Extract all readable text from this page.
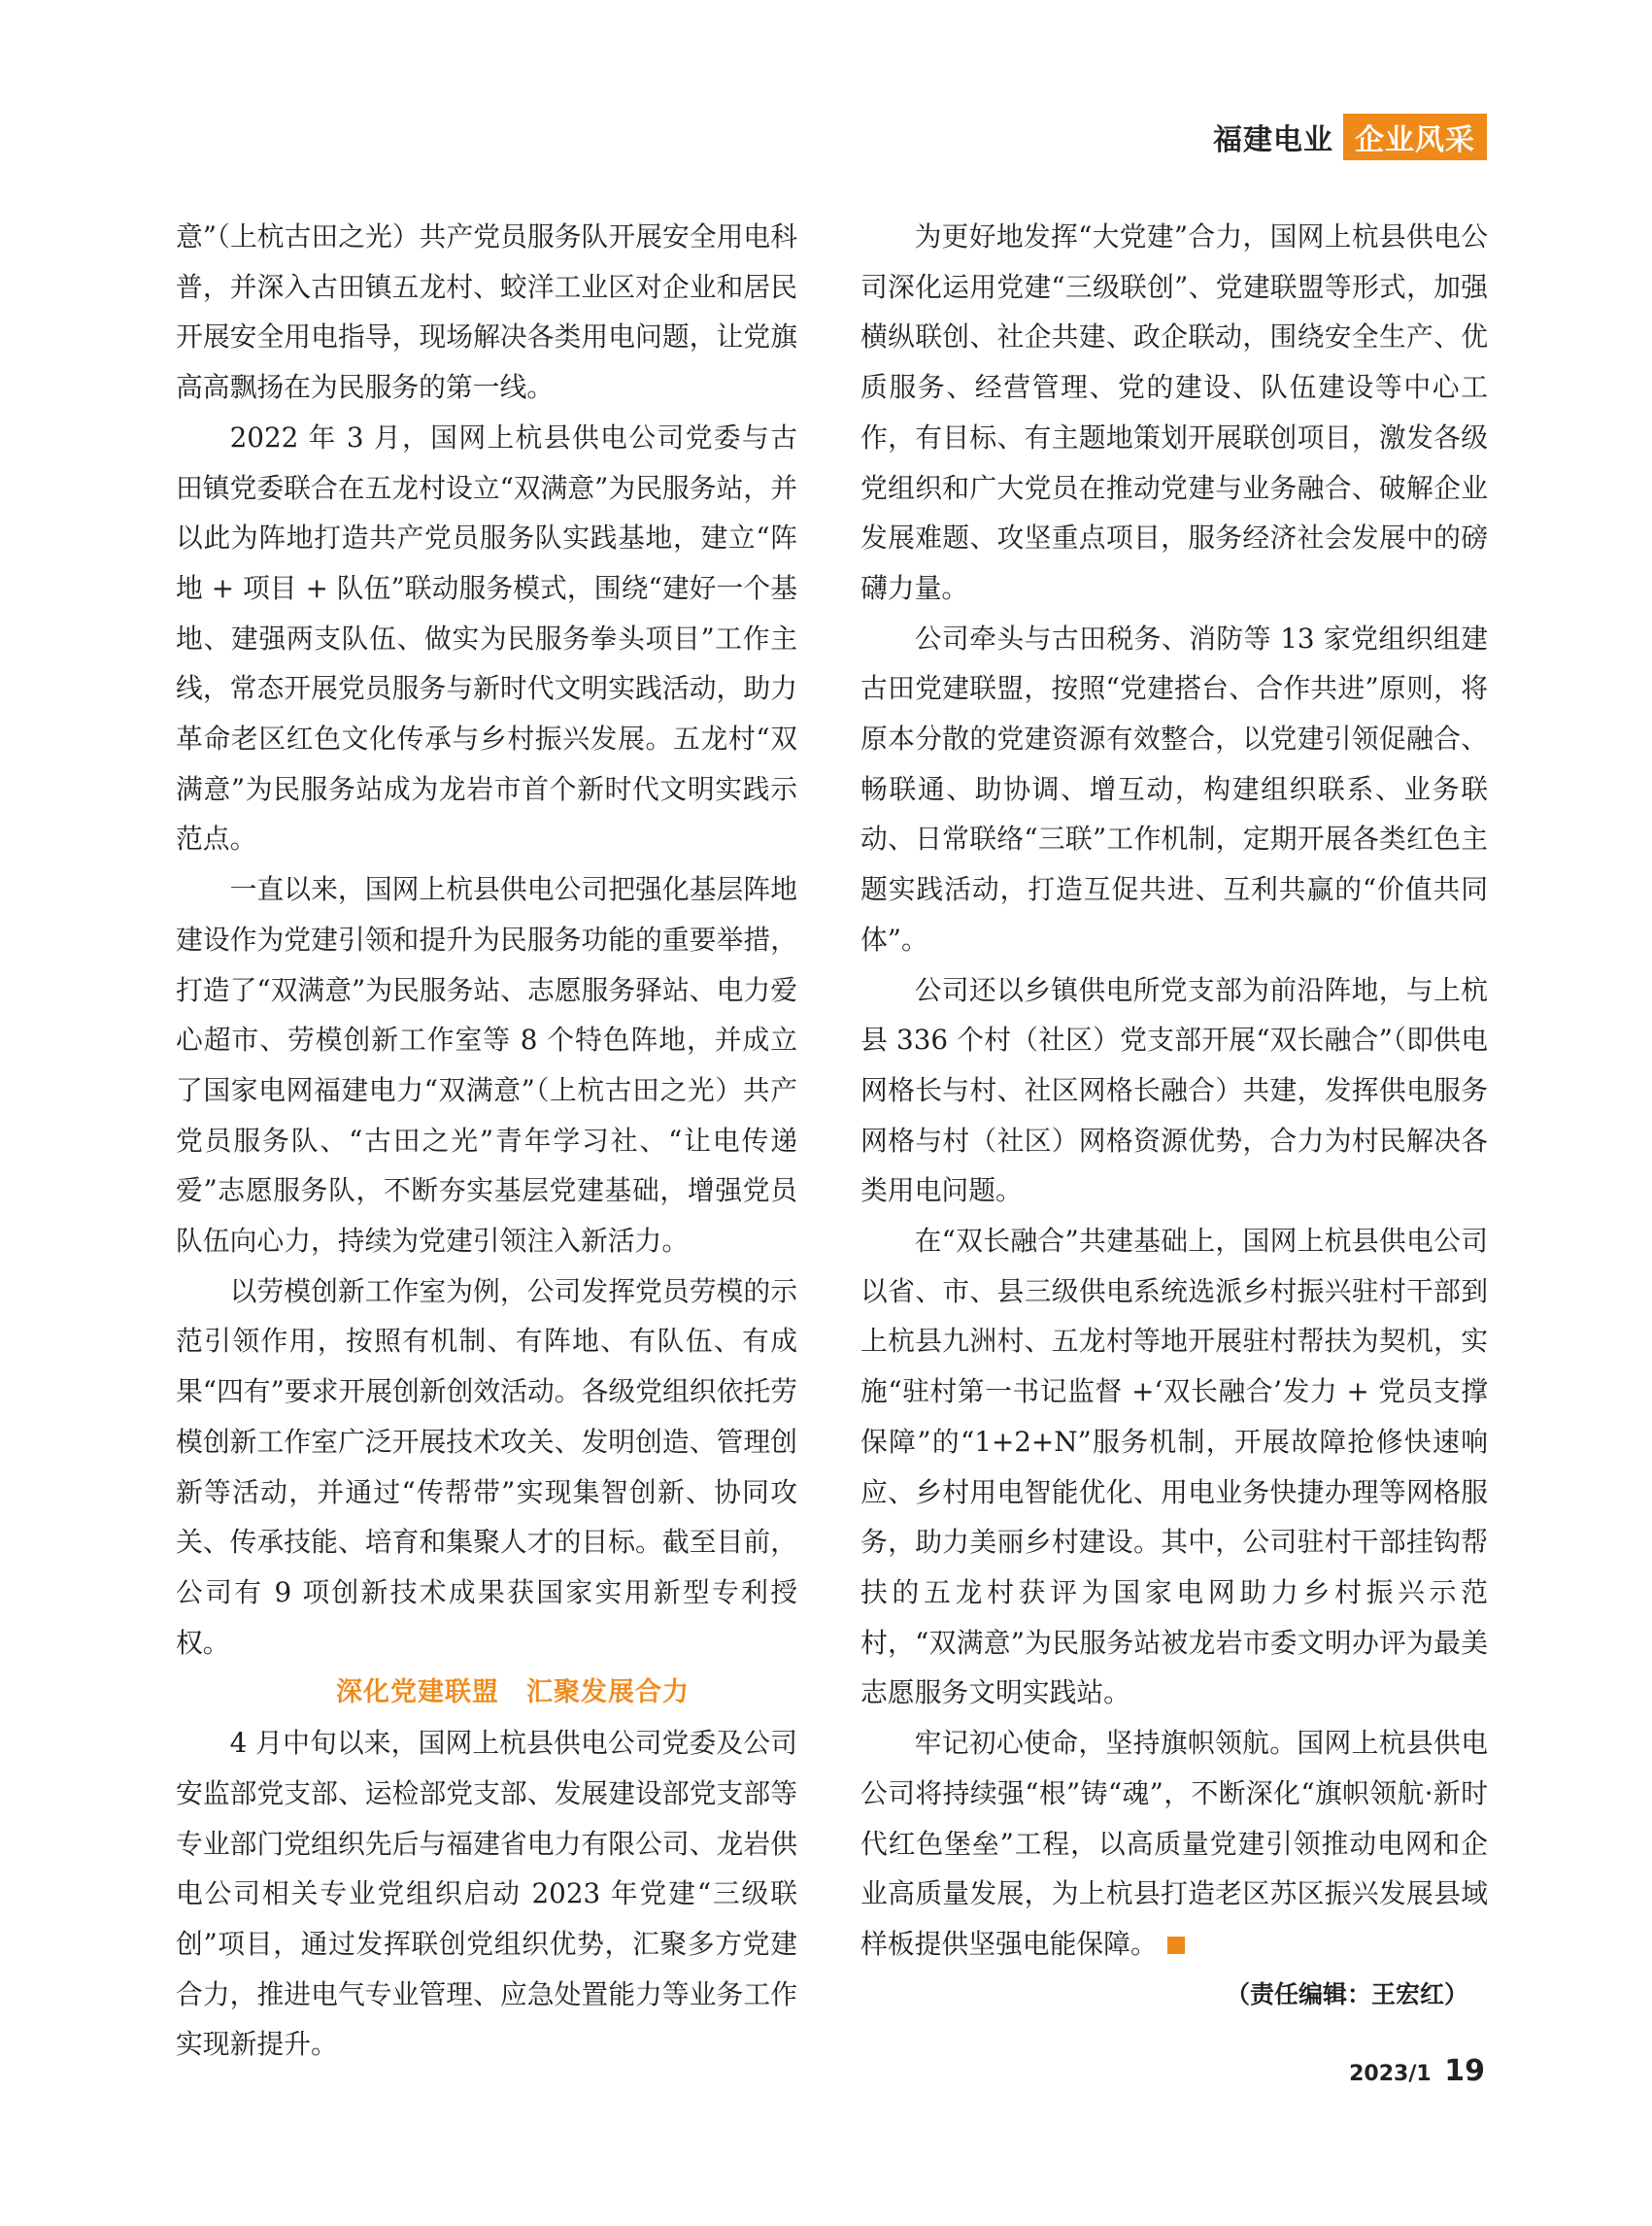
福建电业 企业风采

意”（上杭古田之光）共产党员服务队开展安全用电科普，并深入古田镇五龙村、蛟洋工业区对企业和居民开展安全用电指导，现场解决各类用电问题，让党旗高高飘扬在为民服务的第一线。

2022 年 3 月，国网上杭县供电公司党委与古田镇党委联合在五龙村设立“双满意”为民服务站，并以此为阵地打造共产党员服务队实践基地，建立“阵地 + 项目 + 队伍”联动服务模式，围绕“建好一个基地、建强两支队伍、做实为民服务拳头项目”工作主线，常态开展党员服务与新时代文明实践活动，助力革命老区红色文化传承与乡村振兴发展。五龙村“双满意”为民服务站成为龙岩市首个新时代文明实践示范点。

一直以来，国网上杭县供电公司把强化基层阵地建设作为党建引领和提升为民服务功能的重要举措，打造了“双满意”为民服务站、志愿服务驿站、电力爱心超市、劳模创新工作室等 8 个特色阵地，并成立了国家电网福建电力“双满意”（上杭古田之光）共产党员服务队、“古田之光”青年学习社、“让电传递爱”志愿服务队，不断夯实基层党建基础，增强党员队伍向心力，持续为党建引领注入新活力。

以劳模创新工作室为例，公司发挥党员劳模的示范引领作用，按照有机制、有阵地、有队伍、有成果“四有”要求开展创新创效活动。各级党组织依托劳模创新工作室广泛开展技术攻关、发明创造、管理创新等活动，并通过“传帮带”实现集智创新、协同攻关、传承技能、培育和集聚人才的目标。截至目前，公司有 9 项创新技术成果获国家实用新型专利授权。

深化党建联盟 汇聚发展合力

4 月中旬以来，国网上杭县供电公司党委及公司安监部党支部、运检部党支部、发展建设部党支部等专业部门党组织先后与福建省电力有限公司、龙岩供电公司相关专业党组织启动 2023 年党建“三级联创”项目，通过发挥联创党组织优势，汇聚多方党建合力，推进电气专业管理、应急处置能力等业务工作实现新提升。

为更好地发挥“大党建”合力，国网上杭县供电公司深化运用党建“三级联创”、党建联盟等形式，加强横纵联创、社企共建、政企联动，围绕安全生产、优质服务、经营管理、党的建设、队伍建设等中心工作，有目标、有主题地策划开展联创项目，激发各级党组织和广大党员在推动党建与业务融合、破解企业发展难题、攻坚重点项目，服务经济社会发展中的磅礴力量。

公司牵头与古田税务、消防等 13 家党组织组建古田党建联盟，按照“党建搭台、合作共进”原则，将原本分散的党建资源有效整合，以党建引领促融合、畅联通、助协调、增互动，构建组织联系、业务联动、日常联络“三联”工作机制，定期开展各类红色主题实践活动，打造互促共进、互利共赢的“价值共同体”。

公司还以乡镇供电所党支部为前沿阵地，与上杭县 336 个村（社区）党支部开展“双长融合”（即供电网格长与村、社区网格长融合）共建，发挥供电服务网格与村（社区）网格资源优势，合力为村民解决各类用电问题。

在“双长融合”共建基础上，国网上杭县供电公司以省、市、县三级供电系统选派乡村振兴驻村干部到上杭县九洲村、五龙村等地开展驻村帮扶为契机，实施“驻村第一书记监督 +‘双长融合’发力 + 党员支撑保障”的“1+2+N”服务机制，开展故障抢修快速响应、乡村用电智能优化、用电业务快捷办理等网格服务，助力美丽乡村建设。其中，公司驻村干部挂钩帮扶的五龙村获评为国家电网助力乡村振兴示范村，“双满意”为民服务站被龙岩市委文明办评为最美志愿服务文明实践站。

牢记初心使命，坚持旗帜领航。国网上杭县供电公司将持续强“根”铸“魂”，不断深化“旗帜领航·新时代红色堡垒”工程，以高质量党建引领推动电网和企业高质量发展，为上杭县打造老区苏区振兴发展县域样板提供坚强电能保障。

（责任编辑：王宏红）

2023/1 19
